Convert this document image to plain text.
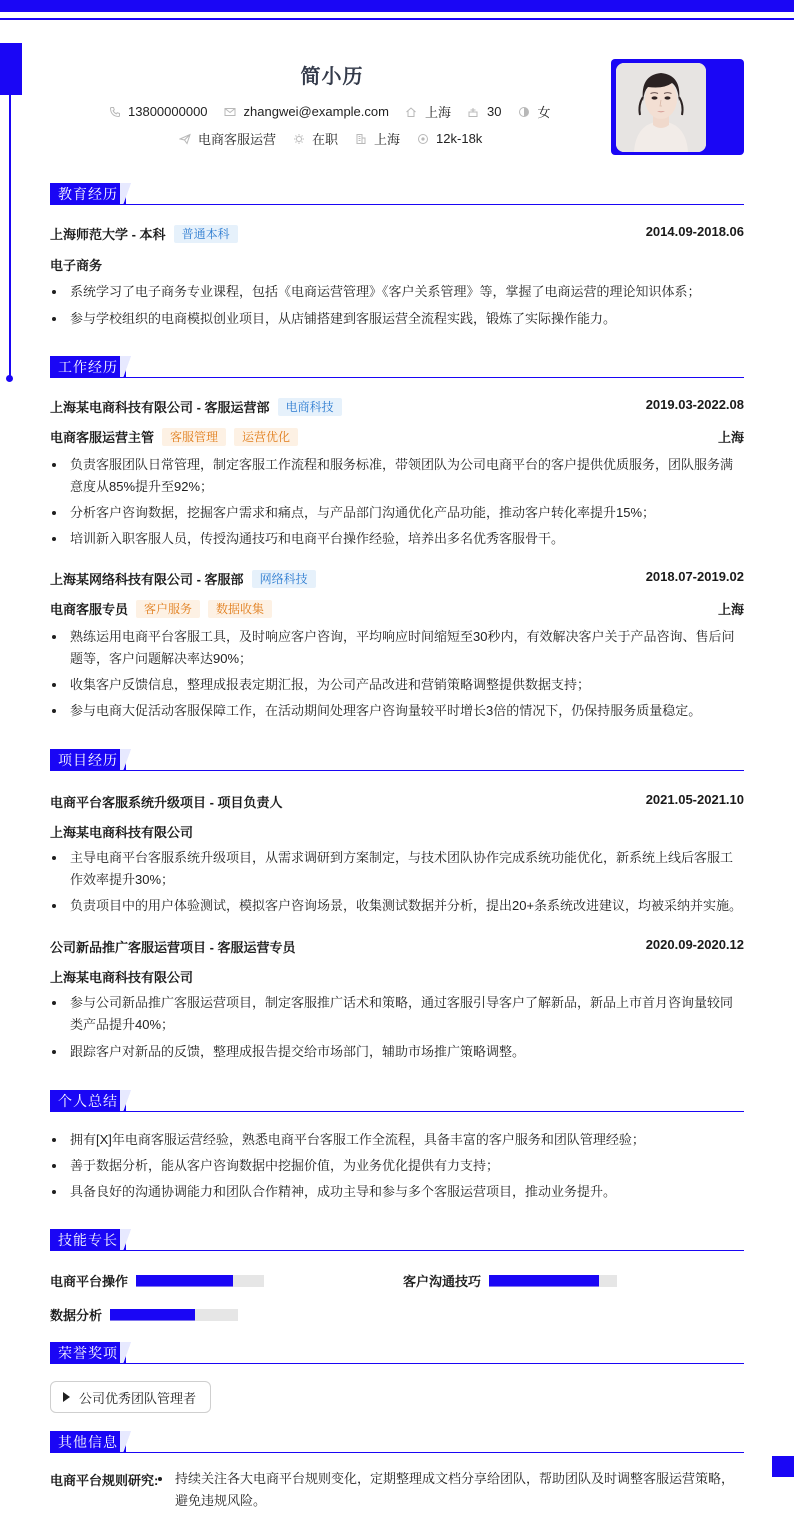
简小历
13800000000	zhangwei@example.com	上海	30	女
电商客服运营	在职	上海	12k-18k
教育经历
上海师范大学 - 本科	普通本科	2014.09-2018.06
电子商务
系统学习了电子商务专业课程，包括《电商运营管理》《客户关系管理》等，掌握了电商运营的理论知识体系；
参与学校组织的电商模拟创业项目，从店铺搭建到客服运营全流程实践，锻炼了实际操作能力。
工作经历
上海某电商科技有限公司 - 客服运营部	电商科技	2019.03-2022.08
电商客服运营主管	客服管理	运营优化	上海
负责客服团队日常管理，制定客服工作流程和服务标准，带领团队为公司电商平台的客户提供优质服务，团队服务满意度从85%提升至92%；
分析客户咨询数据，挖掘客户需求和痛点，与产品部门沟通优化产品功能，推动客户转化率提升15%；
培训新入职客服人员，传授沟通技巧和电商平台操作经验，培养出多名优秀客服骨干。
上海某网络科技有限公司 - 客服部	网络科技	2018.07-2019.02
电商客服专员	客户服务	数据收集	上海
熟练运用电商平台客服工具，及时响应客户咨询，平均响应时间缩短至30秒内，有效解决客户关于产品咨询、售后问题等，客户问题解决率达90%；
收集客户反馈信息，整理成报表定期汇报，为公司产品改进和营销策略调整提供数据支持；
参与电商大促活动客服保障工作，在活动期间处理客户咨询量较平时增长3倍的情况下，仍保持服务质量稳定。
项目经历
电商平台客服系统升级项目 - 项目负责人	2021.05-2021.10
上海某电商科技有限公司
主导电商平台客服系统升级项目，从需求调研到方案制定，与技术团队协作完成系统功能优化，新系统上线后客服工作效率提升30%；
负责项目中的用户体验测试，模拟客户咨询场景，收集测试数据并分析，提出20+条系统改进建议，均被采纳并实施。
公司新品推广客服运营项目 - 客服运营专员	2020.09-2020.12
上海某电商科技有限公司
参与公司新品推广客服运营项目，制定客服推广话术和策略，通过客服引导客户了解新品，新品上市首月咨询量较同类产品提升40%；
跟踪客户对新品的反馈，整理成报告提交给市场部门，辅助市场推广策略调整。
个人总结
拥有[X]年电商客服运营经验，熟悉电商平台客服工作全流程，具备丰富的客户服务和团队管理经验；
善于数据分析，能从客户咨询数据中挖掘价值，为业务优化提供有力支持；
具备良好的沟通协调能力和团队合作精神，成功主导和参与多个客服运营项目，推动业务提升。
技能专长
电商平台操作	客户沟通技巧
数据分析
荣誉奖项
公司优秀团队管理者
其他信息
电商平台规则研究:	持续关注各大电商平台规则变化，定期整理成文档分享给团队，帮助团队及时调整客服运营策略，避免违规风险。
